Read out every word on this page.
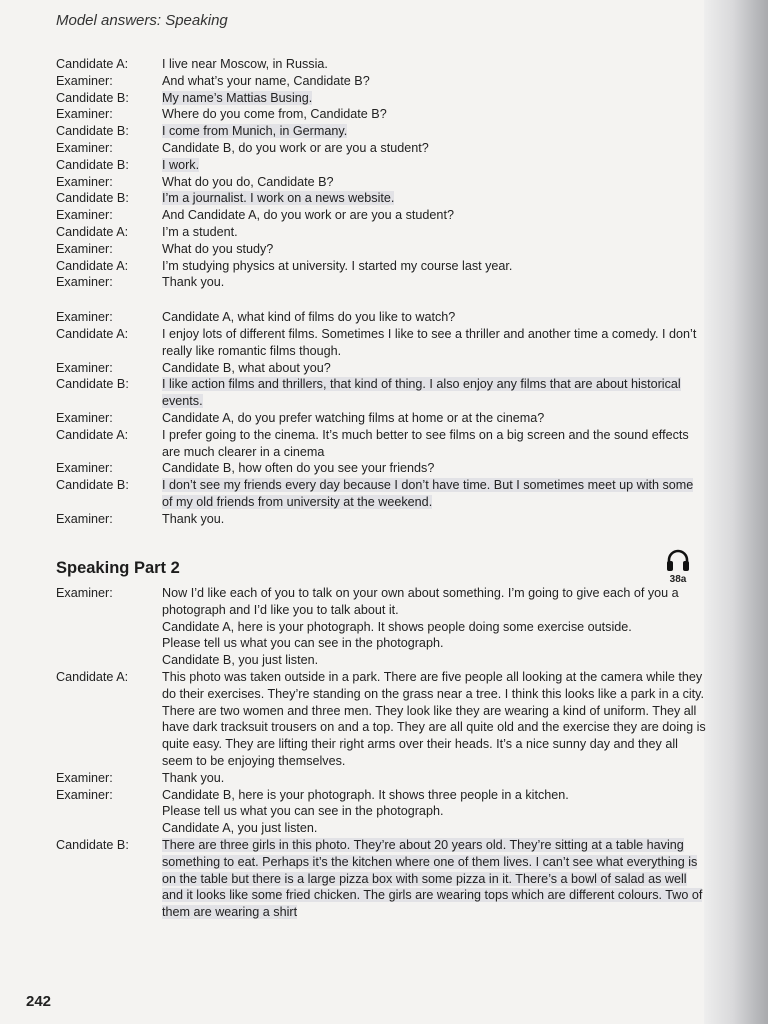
Model answers: Speaking
Candidate A:	I live near Moscow, in Russia.
Examiner:	And what’s your name, Candidate B?
Candidate B:	My name’s Mattias Busing.
Examiner:	Where do you come from, Candidate B?
Candidate B:	I come from Munich, in Germany.
Examiner:	Candidate B, do you work or are you a student?
Candidate B:	I work.
Examiner:	What do you do, Candidate B?
Candidate B:	I’m a journalist. I work on a news website.
Examiner:	And Candidate A, do you work or are you a student?
Candidate A:	I’m a student.
Examiner:	What do you study?
Candidate A:	I’m studying physics at university. I started my course last year.
Examiner:	Thank you.
Examiner:	Candidate A, what kind of films do you like to watch?
Candidate A:	I enjoy lots of different films. Sometimes I like to see a thriller and another time a comedy. I don’t really like romantic films though.
Examiner:	Candidate B, what about you?
Candidate B:	I like action films and thrillers, that kind of thing. I also enjoy any films that are about historical events.
Examiner:	Candidate A, do you prefer watching films at home or at the cinema?
Candidate A:	I prefer going to the cinema. It’s much better to see films on a big screen and the sound effects are much clearer in a cinema
Examiner:	Candidate B, how often do you see your friends?
Candidate B:	I don’t see my friends every day because I don’t have time. But I sometimes meet up with some of my old friends from university at the weekend.
Examiner:	Thank you.
Speaking Part 2
38a
Examiner:	Now I’d like each of you to talk on your own about something. I’m going to give each of you a photograph and I’d like you to talk about it.
Candidate A, here is your photograph. It shows people doing some exercise outside.
Please tell us what you can see in the photograph.
Candidate B, you just listen.
Candidate A:	This photo was taken outside in a park. There are five people all looking at the camera while they do their exercises. They’re standing on the grass near a tree. I think this looks like a park in a city. There are two women and three men. They look like they are wearing a kind of uniform. They all have dark tracksuit trousers on and a top. They are all quite old and the exercise they are doing is quite easy. They are lifting their right arms over their heads. It’s a nice sunny day and they all seem to be enjoying themselves.
Examiner:	Thank you.
Examiner:	Candidate B, here is your photograph. It shows three people in a kitchen.
Please tell us what you can see in the photograph.
Candidate A, you just listen.
Candidate B:	There are three girls in this photo. They’re about 20 years old. They’re sitting at a table having something to eat. Perhaps it’s the kitchen where one of them lives. I can’t see what everything is on the table but there is a large pizza box with some pizza in it. There’s a bowl of salad as well and it looks like some fried chicken. The girls are wearing tops which are different colours. Two of them are wearing a shirt
242
